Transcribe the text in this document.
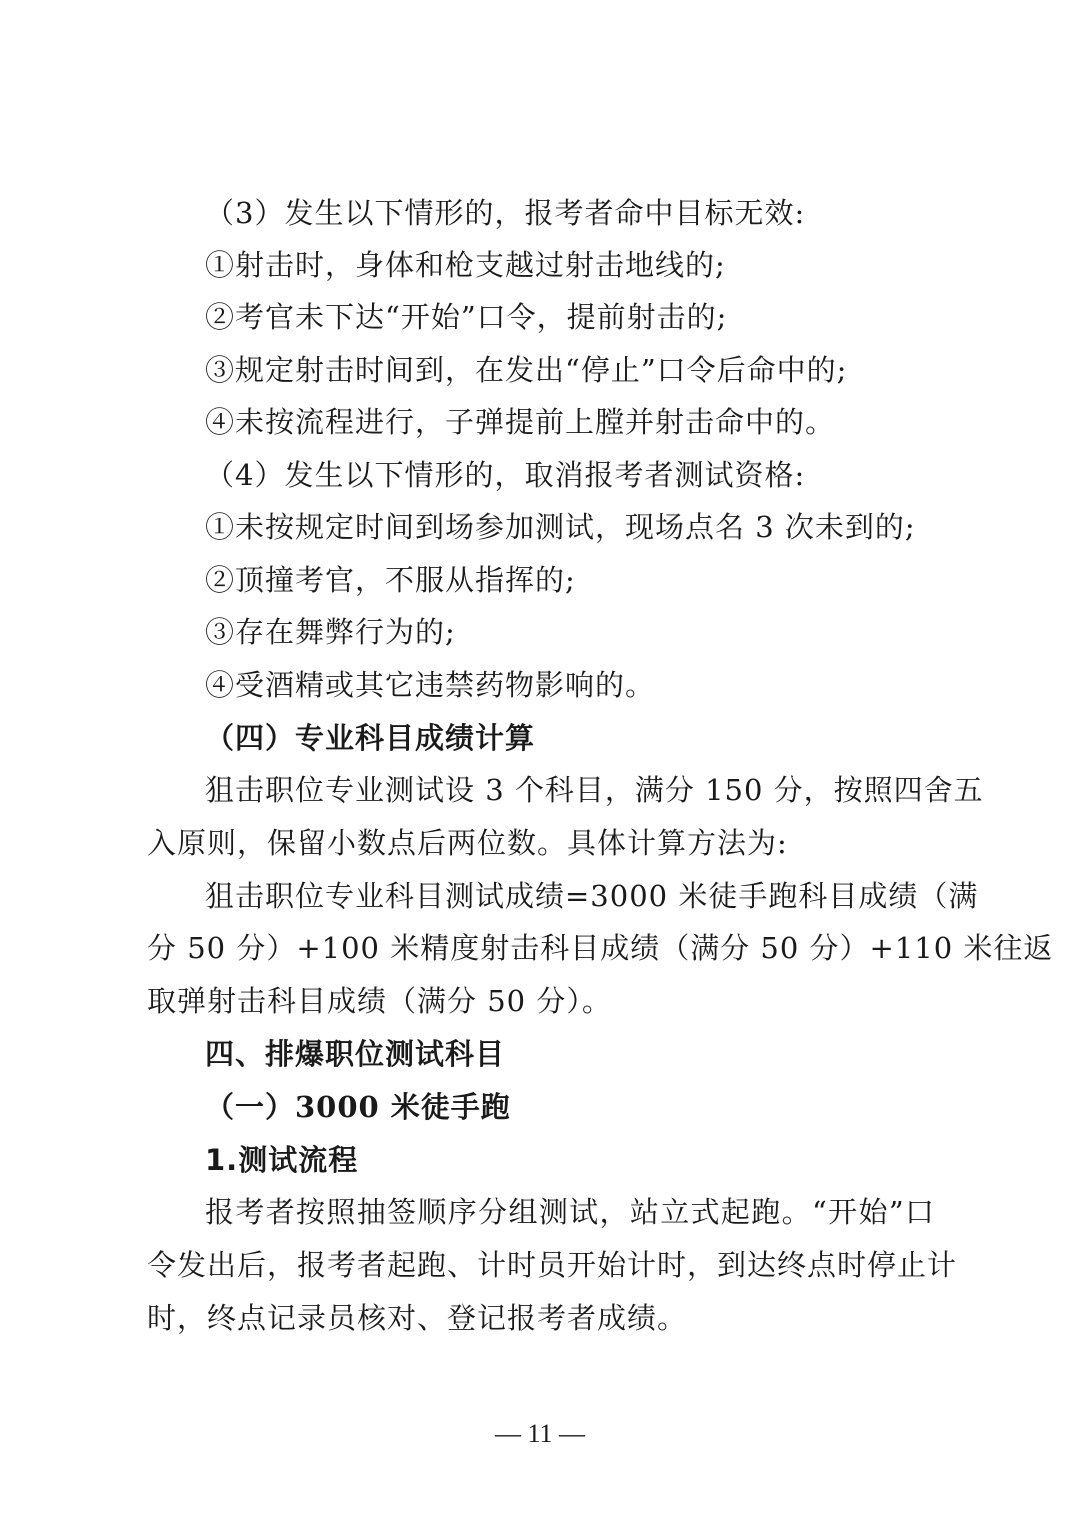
（3）发生以下情形的，报考者命中目标无效:
①射击时，身体和枪支越过射击地线的;
②考官未下达“开始”口令，提前射击的;
③规定射击时间到，在发出“停止”口令后命中的;
④未按流程进行，子弹提前上膛并射击命中的。
（4）发生以下情形的，取消报考者测试资格:
①未按规定时间到场参加测试，现场点名 3 次未到的;
②顶撞考官，不服从指挥的;
③存在舞弊行为的;
④受酒精或其它违禁药物影响的。
（四）专业科目成绩计算
狙击职位专业测试设 3 个科目，满分 150 分，按照四舍五
入原则，保留小数点后两位数。具体计算方法为:
狙击职位专业科目测试成绩=3000 米徒手跑科目成绩（满
分 50 分）+100 米精度射击科目成绩（满分 50 分）+110 米往返
取弹射击科目成绩（满分 50 分）。
四、排爆职位测试科目
（一）3000 米徒手跑
1.测试流程
报考者按照抽签顺序分组测试，站立式起跑。“开始”口
令发出后，报考者起跑、计时员开始计时，到达终点时停止计
时，终点记录员核对、登记报考者成绩。
— 11 —
